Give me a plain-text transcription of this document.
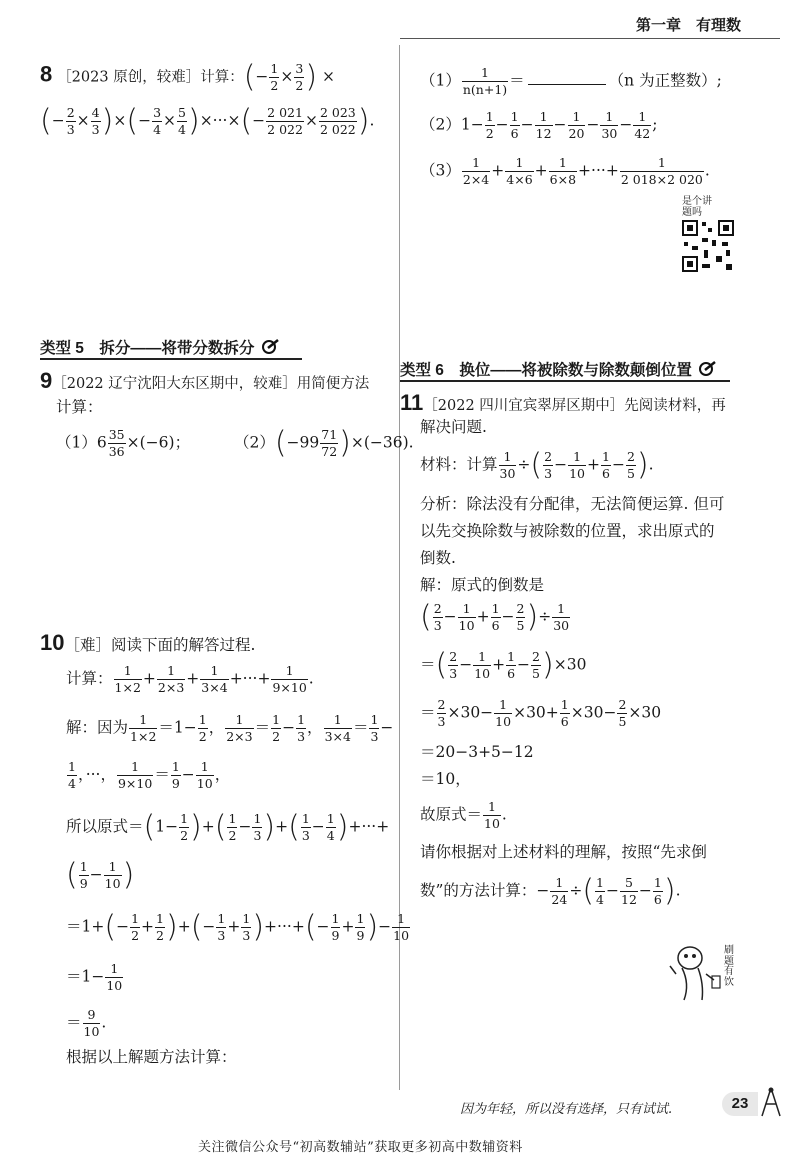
第一章　 有理数
8 ［2023 原创，较难］计算：(− $\frac{1}{2} \times \frac{3}{2}$ ) ×
(− $\frac{2}{3} \times \frac{4}{3}$ )×(− $\frac{3}{4} \times \frac{5}{4}$ )×···×(− $\frac{2 021}{2 022} \times \frac{2 023}{2 022}$ ).
类型 5　拆分——将带分数拆分
9［2022 辽宁沈阳大东区期中，较难］用简便方法
计算：
$(1)6 \frac{35}{36} \times(-6)$；	$(2)(-99 \frac{71}{72} )\times(-36)$.
10［难］阅读下面的解答过程.
计算： $\frac{1}{1\times 2} + \frac{1}{2\times 3} + \frac{1}{3\times 4}$ +···+ $\frac{1}{9\times 10}$ .
解：因为 $\frac{1}{1\times 2} =1- \frac{1}{2}$ ， $\frac{1}{2\times 3} = \frac{1}{2} - \frac{1}{3}$ ， $\frac{1}{3\times 4} = \frac{1}{3}$ −
$\frac{1}{4}$ ，···， $\frac{1}{9\times 10} = \frac{1}{9} - \frac{1}{10}$ ，
所以原式$=(1- \frac{1}{2}$ )+( $\frac{1}{2} - \frac{1}{3}$ )+( $\frac{1}{3} - \frac{1}{4}$ )+···+
( $\frac{1}{9} - \frac{1}{10}$ )
$=1+(- \frac{1}{2} + \frac{1}{2}$ )+(− $\frac{1}{3} + \frac{1}{3}$ )+···+(− $\frac{1}{9} + \frac{1}{9}$ )− $\frac{1}{10}$
$=1- \frac{1}{10}$
＝ $\frac{9}{10}$ .
根据以上解题方法计算：
$(1) \frac{1}{n(n+1)}$ ＝	（n 为正整数）;
$(2)1- \frac{1}{2} - \frac{1}{6} - \frac{1}{12} - \frac{1}{20} - \frac{1}{30} - \frac{1}{42}$ ;
$(3) \frac{1}{2\times 4} + \frac{1}{4\times 6} + \frac{1}{6\times 8}$ +···+ $\frac{1}{2 018\times 2 020}$ .
是个讲题吗
类型 6　换位——将被除数与除数颠倒位置
11［2022 四川宜宾翠屏区期中］先阅读材料，再
解决问题.
材料：计算 $\frac{1}{30}$ ÷( $\frac{2}{3} - \frac{1}{10} + \frac{1}{6} - \frac{2}{5}$ ).
分析：除法没有分配律，无法简便运算. 但可
以先交换除数与被除数的位置，求出原式的
倒数.
解：原式的倒数是
( $\frac{2}{3} - \frac{1}{10} + \frac{1}{6} - \frac{2}{5}$ )÷ $\frac{1}{30}$
＝( $\frac{2}{3} - \frac{1}{10} + \frac{1}{6} - \frac{2}{5} )\times 30$
＝ $\frac{2}{3} \times 30- \frac{1}{10} \times 30+ \frac{1}{6} \times 30- \frac{2}{5} \times 30$
＝20−3+5−12
＝10，
故原式＝ $\frac{1}{10}$ .
请你根据对上述材料的理解，按照“先求倒
数”的方法计算：− $\frac{1}{24}$ ÷( $\frac{1}{4} - \frac{5}{12} - \frac{1}{6}$ ).
刷题有饮
因为年轻，所以没有选择，只有试试.	23
关注微信公众号“初高数辅站”获取更多初高中数辅资料
